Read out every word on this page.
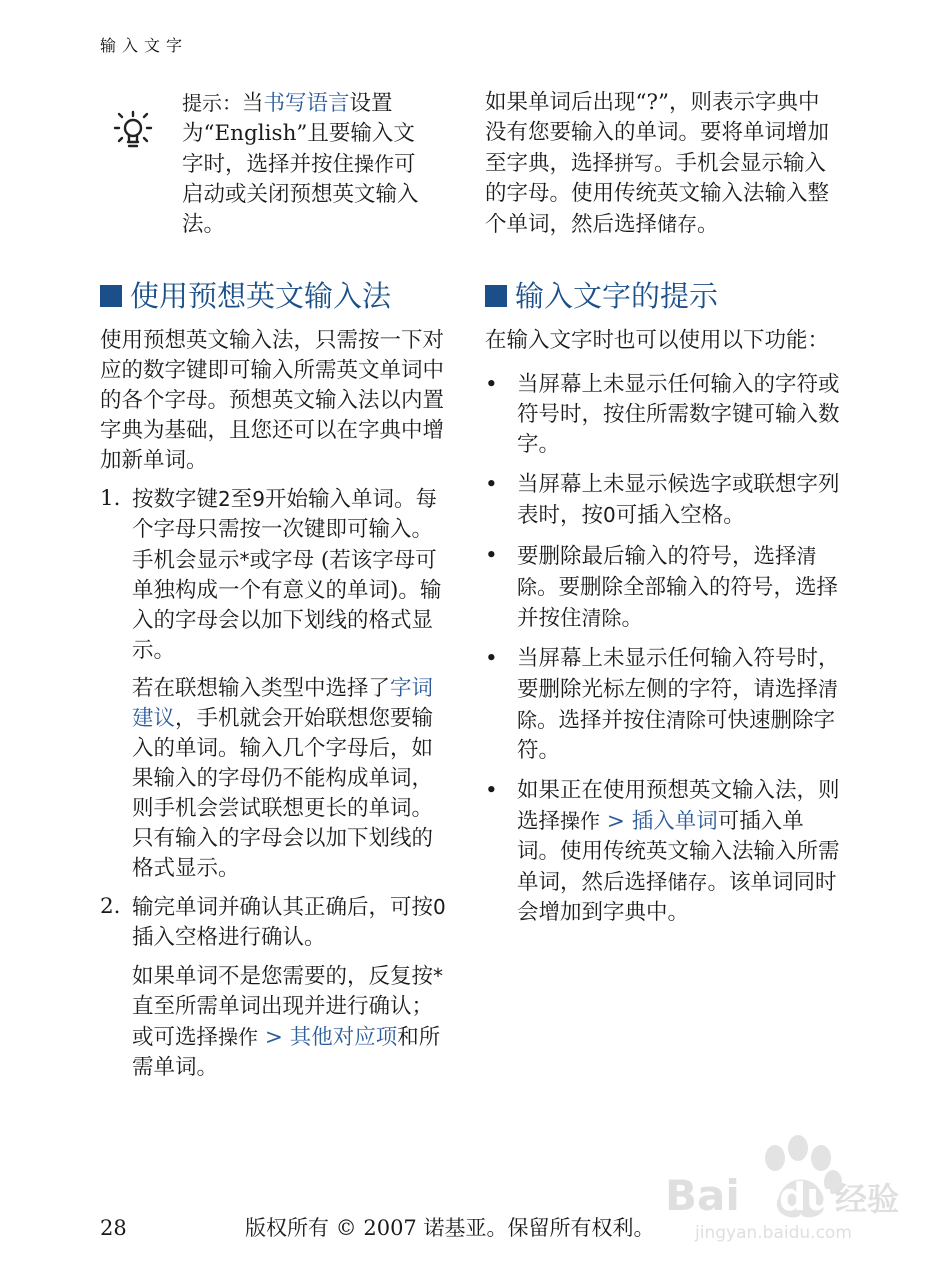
输入文字

提示：当书写语言设置为“English”且要输入文字时，选择并按住操作可启动或关闭预想英文输入法。

使用预想英文输入法

使用预想英文输入法，只需按一下对应的数字键即可输入所需英文单词中的各个字母。预想英文输入法以内置字典为基础，且您还可以在字典中增加新单词。

1. 按数字键2至9开始输入单词。每个字母只需按一次键即可输入。手机会显示*或字母 (若该字母可单独构成一个有意义的单词)。输入的字母会以加下划线的格式显示。

若在联想输入类型中选择了字词建议，手机就会开始联想您要输入的单词。输入几个字母后，如果输入的字母仍不能构成单词，则手机会尝试联想更长的单词。只有输入的字母会以加下划线的格式显示。

2. 输完单词并确认其正确后，可按0插入空格进行确认。

如果单词不是您需要的，反复按*直至所需单词出现并进行确认；或可选择操作 > 其他对应项和所需单词。

如果单词后出现“?”，则表示字典中没有您要输入的单词。要将单词增加至字典，选择拼写。手机会显示输入的字母。使用传统英文输入法输入整个单词，然后选择储存。

输入文字的提示

在输入文字时也可以使用以下功能：

• 当屏幕上未显示任何输入的字符或符号时，按住所需数字键可输入数字。

• 当屏幕上未显示候选字或联想字列表时，按0可插入空格。

• 要删除最后输入的符号，选择清除。要删除全部输入的符号，选择并按住清除。

• 当屏幕上未显示任何输入符号时，要删除光标左侧的字符，请选择清除。选择并按住清除可快速删除字符。

• 如果正在使用预想英文输入法，则选择操作 > 插入单词可插入单词。使用传统英文输入法输入所需单词，然后选择储存。该单词同时会增加到字典中。

28	版权所有 © 2007 诺基亚。保留所有权利。
Bai du 经验
jingyan.baidu.com
